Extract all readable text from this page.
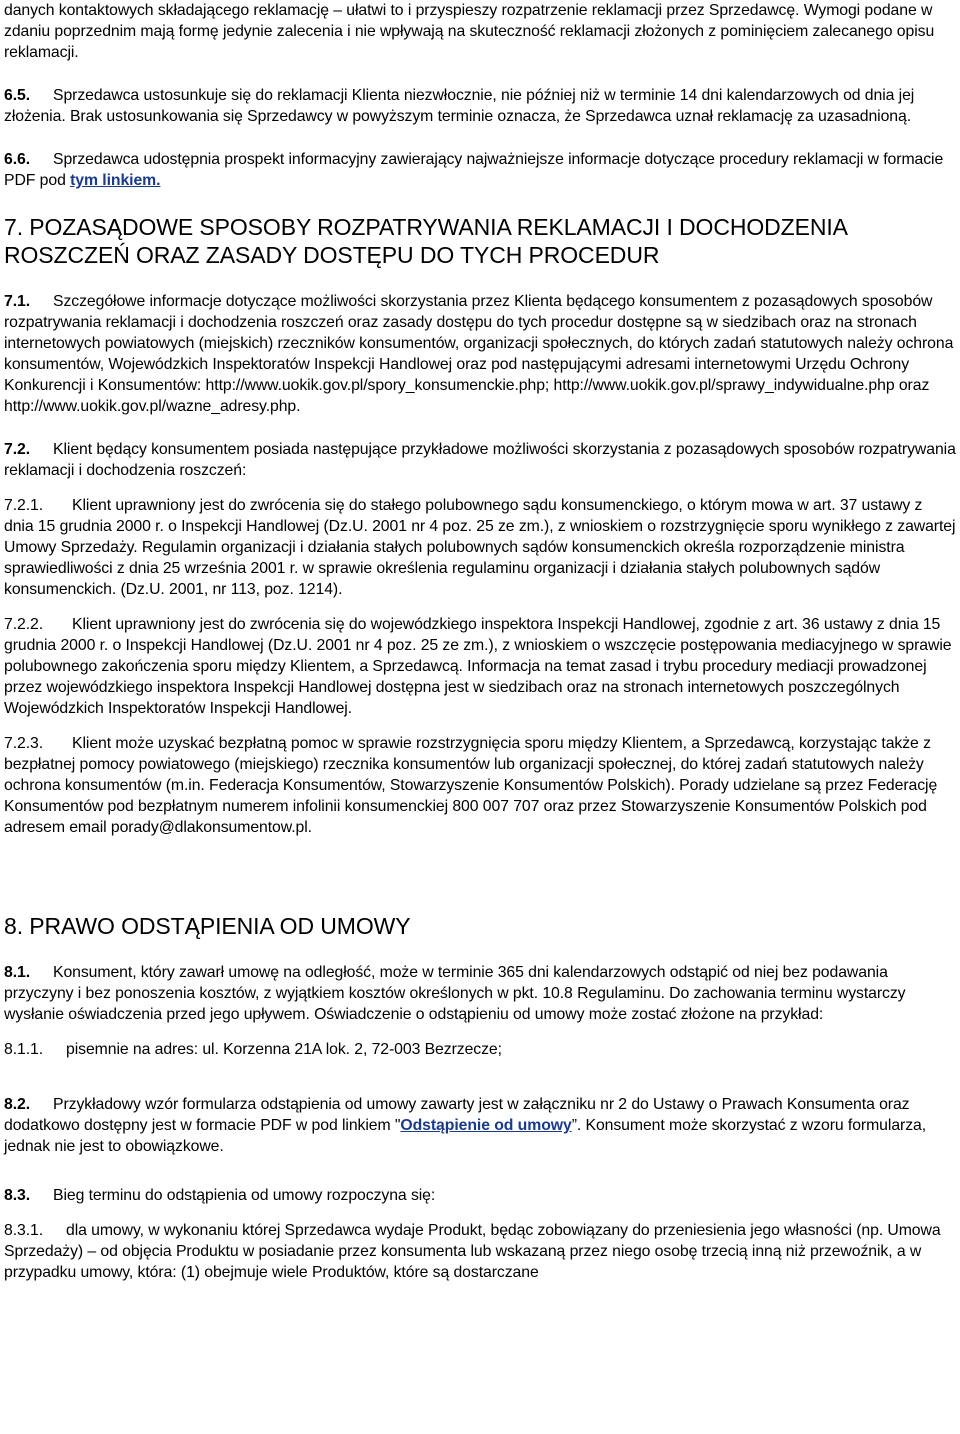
danych kontaktowych składającego reklamację – ułatwi to i przyspieszy rozpatrzenie reklamacji przez Sprzedawcę. Wymogi podane w zdaniu poprzednim mają formę jedynie zalecenia i nie wpływają na skuteczność reklamacji złożonych z pominięciem zalecanego opisu reklamacji.

6.5. Sprzedawca ustosunkuje się do reklamacji Klienta niezwłocznie, nie później niż w terminie 14 dni kalendarzowych od dnia jej złożenia. Brak ustosunkowania się Sprzedawcy w powyższym terminie oznacza, że Sprzedawca uznał reklamację za uzasadnioną.

6.6. Sprzedawca udostępnia prospekt informacyjny zawierający najważniejsze informacje dotyczące procedury reklamacji w formacie PDF pod tym linkiem.

7. POZASĄDOWE SPOSOBY ROZPATRYWANIA REKLAMACJI I DOCHODZENIA ROSZCZEŃ ORAZ ZASADY DOSTĘPU DO TYCH PROCEDUR

7.1. Szczegółowe informacje dotyczące możliwości skorzystania przez Klienta będącego konsumentem z pozasądowych sposobów rozpatrywania reklamacji i dochodzenia roszczeń oraz zasady dostępu do tych procedur dostępne są w siedzibach oraz na stronach internetowych powiatowych (miejskich) rzeczników konsumentów, organizacji społecznych, do których zadań statutowych należy ochrona konsumentów, Wojewódzkich Inspektoratów Inspekcji Handlowej oraz pod następującymi adresami internetowymi Urzędu Ochrony Konkurencji i Konsumentów: http://www.uokik.gov.pl/spory_konsumenckie.php; http://www.uokik.gov.pl/sprawy_indywidualne.php oraz http://www.uokik.gov.pl/wazne_adresy.php.

7.2. Klient będący konsumentem posiada następujące przykładowe możliwości skorzystania z pozasądowych sposobów rozpatrywania reklamacji i dochodzenia roszczeń:

7.2.1. Klient uprawniony jest do zwrócenia się do stałego polubownego sądu konsumenckiego, o którym mowa w art. 37 ustawy z dnia 15 grudnia 2000 r. o Inspekcji Handlowej (Dz.U. 2001 nr 4 poz. 25 ze zm.), z wnioskiem o rozstrzygnięcie sporu wynikłego z zawartej Umowy Sprzedaży. Regulamin organizacji i działania stałych polubownych sądów konsumenckich określa rozporządzenie ministra sprawiedliwości z dnia 25 września 2001 r. w sprawie określenia regulaminu organizacji i działania stałych polubownych sądów konsumenckich. (Dz.U. 2001, nr 113, poz. 1214).

7.2.2. Klient uprawniony jest do zwrócenia się do wojewódzkiego inspektora Inspekcji Handlowej, zgodnie z art. 36 ustawy z dnia 15 grudnia 2000 r. o Inspekcji Handlowej (Dz.U. 2001 nr 4 poz. 25 ze zm.), z wnioskiem o wszczęcie postępowania mediacyjnego w sprawie polubownego zakończenia sporu między Klientem, a Sprzedawcą. Informacja na temat zasad i trybu procedury mediacji prowadzonej przez wojewódzkiego inspektora Inspekcji Handlowej dostępna jest w siedzibach oraz na stronach internetowych poszczególnych Wojewódzkich Inspektoratów Inspekcji Handlowej.

7.2.3. Klient może uzyskać bezpłatną pomoc w sprawie rozstrzygnięcia sporu między Klientem, a Sprzedawcą, korzystając także z bezpłatnej pomocy powiatowego (miejskiego) rzecznika konsumentów lub organizacji społecznej, do której zadań statutowych należy ochrona konsumentów (m.in. Federacja Konsumentów, Stowarzyszenie Konsumentów Polskich). Porady udzielane są przez Federację Konsumentów pod bezpłatnym numerem infolinii konsumenckiej 800 007 707 oraz przez Stowarzyszenie Konsumentów Polskich pod adresem email porady@dlakonsumentow.pl.

8. PRAWO ODSTĄPIENIA OD UMOWY

8.1. Konsument, który zawarł umowę na odległość, może w terminie 365 dni kalendarzowych odstąpić od niej bez podawania przyczyny i bez ponoszenia kosztów, z wyjątkiem kosztów określonych w pkt. 10.8 Regulaminu. Do zachowania terminu wystarczy wysłanie oświadczenia przed jego upływem. Oświadczenie o odstąpieniu od umowy może zostać złożone na przykład:

8.1.1. pisemnie na adres: ul. Korzenna 21A lok. 2, 72-003 Bezrzecze;

8.2. Przykładowy wzór formularza odstąpienia od umowy zawarty jest w załączniku nr 2 do Ustawy o Prawach Konsumenta oraz dodatkowo dostępny jest w formacie PDF w pod linkiem "Odstąpienie od umowy”. Konsument może skorzystać z wzoru formularza, jednak nie jest to obowiązkowe.

8.3. Bieg terminu do odstąpienia od umowy rozpoczyna się:

8.3.1. dla umowy, w wykonaniu której Sprzedawca wydaje Produkt, będąc zobowiązany do przeniesienia jego własności (np. Umowa Sprzedaży) – od objęcia Produktu w posiadanie przez konsumenta lub wskazaną przez niego osobę trzecią inną niż przewoźnik, a w przypadku umowy, która: (1) obejmuje wiele Produktów, które są dostarczane
